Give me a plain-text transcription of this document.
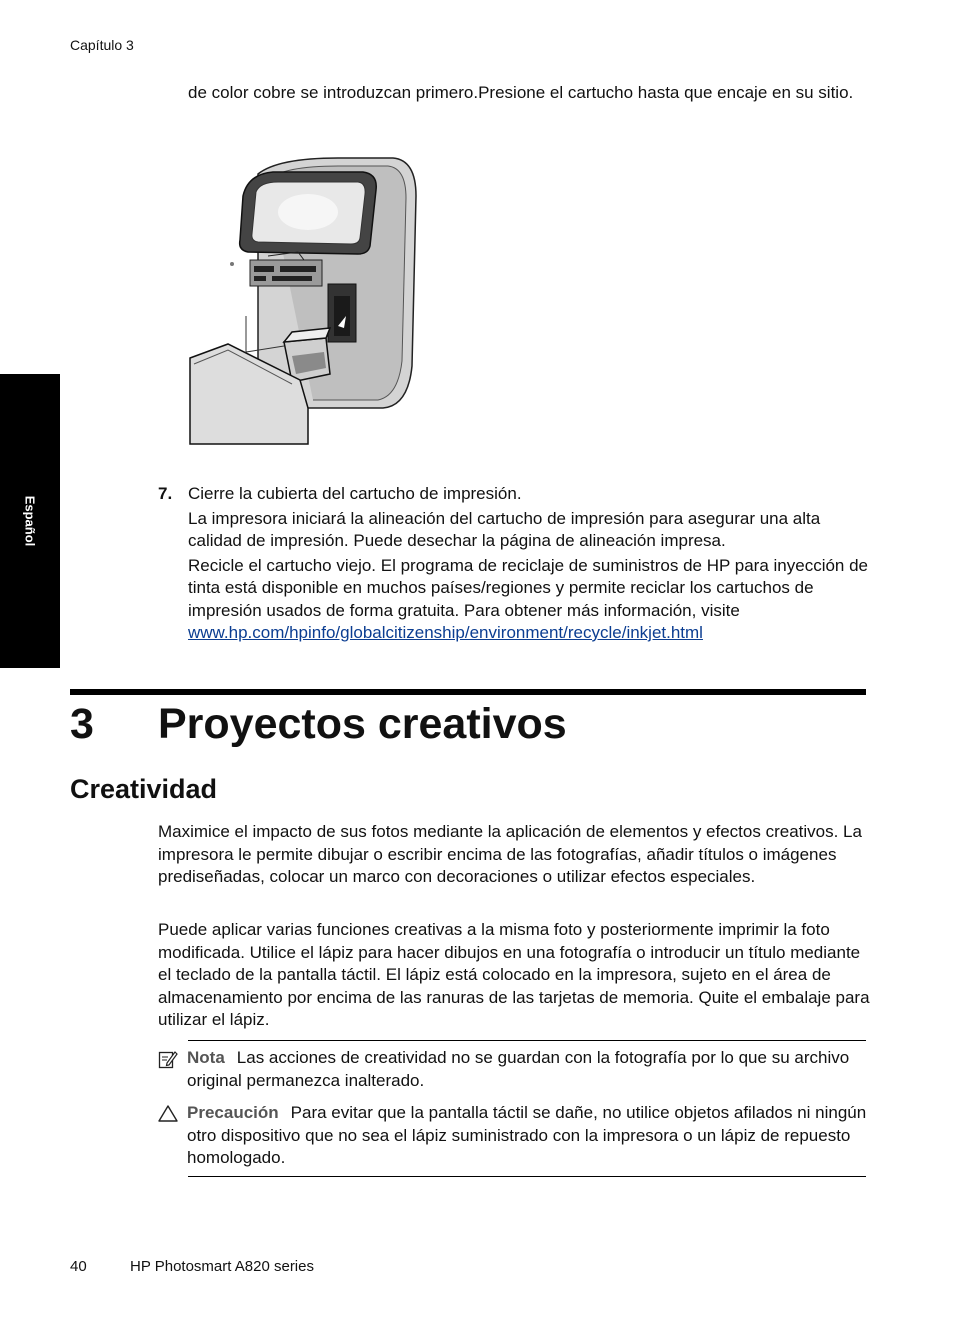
Capítulo 3
de color cobre se introduzcan primero.Presione el cartucho hasta que encaje en su sitio.
Español
7. Cierre la cubierta del cartucho de impresión.

La impresora iniciará la alineación del cartucho de impresión para asegurar una alta calidad de impresión. Puede desechar la página de alineación impresa.

Recicle el cartucho viejo. El programa de reciclaje de suministros de HP para inyección de tinta está disponible en muchos países/regiones y permite reciclar los cartuchos de impresión usados de forma gratuita. Para obtener más información, visite www.hp.com/hpinfo/globalcitizenship/environment/recycle/inkjet.html

3 Proyectos creativos
Creatividad
Maximice el impacto de sus fotos mediante la aplicación de elementos y efectos creativos. La impresora le permite dibujar o escribir encima de las fotografías, añadir títulos o imágenes prediseñadas, colocar un marco con decoraciones o utilizar efectos especiales.
Puede aplicar varias funciones creativas a la misma foto y posteriormente imprimir la foto modificada. Utilice el lápiz para hacer dibujos en una fotografía o introducir un título mediante el teclado de la pantalla táctil. El lápiz está colocado en la impresora, sujeto en el área de almacenamiento por encima de las ranuras de las tarjetas de memoria. Quite el embalaje para utilizar el lápiz.
Nota Las acciones de creatividad no se guardan con la fotografía por lo que su archivo original permanezca inalterado.
Precaución Para evitar que la pantalla táctil se dañe, no utilice objetos afilados ni ningún otro dispositivo que no sea el lápiz suministrado con la impresora o un lápiz de repuesto homologado.
40	HP Photosmart A820 series
